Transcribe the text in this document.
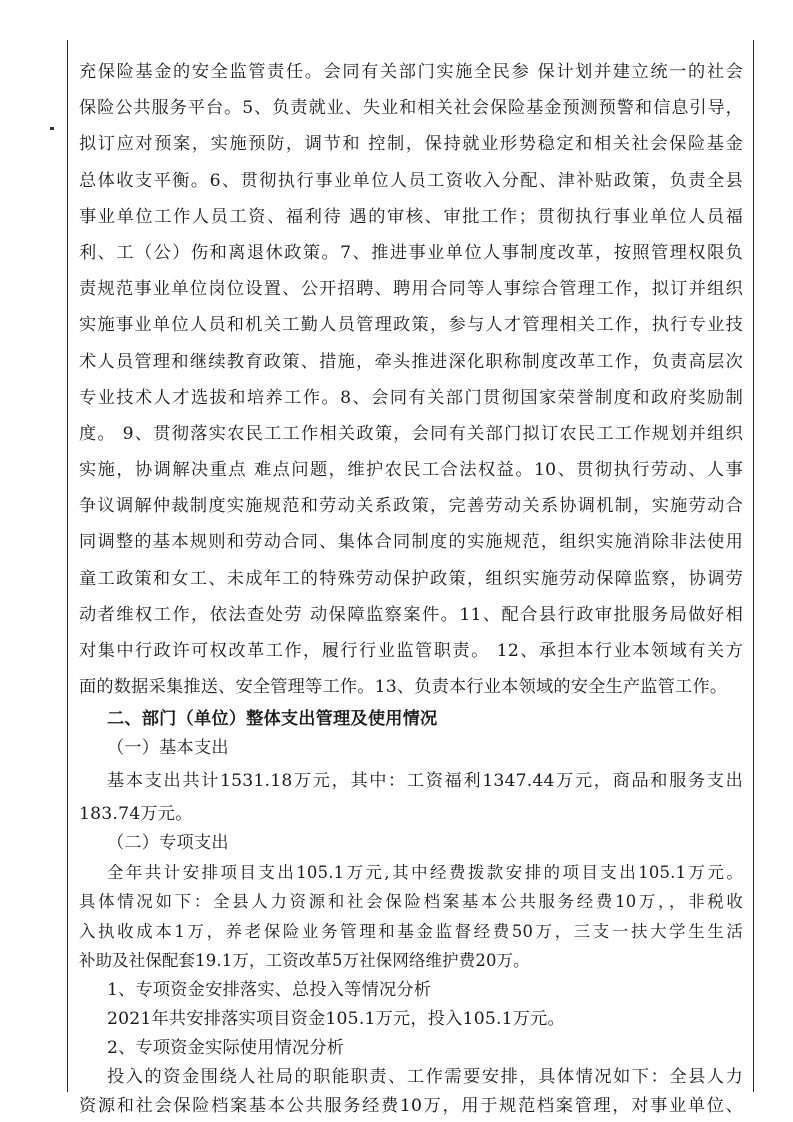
充保险基金的安全监管责任。会同有关部门实施全民参 保计划并建立统一的社会
保险公共服务平台。5、负责就业、失业和相关社会保险基金预测预警和信息引导，
拟订应对预案，实施预防，调节和 控制，保持就业形势稳定和相关社会保险基金
总体收支平衡。6、贯彻执行事业单位人员工资收入分配、津补贴政策，负责全县
事业单位工作人员工资、福利待 遇的审核、审批工作；贯彻执行事业单位人员福
利、工（公）伤和离退休政策。7、推进事业单位人事制度改革，按照管理权限负
责规范事业单位岗位设置、公开招聘、聘用合同等人事综合管理工作，拟订并组织
实施事业单位人员和机关工勤人员管理政策，参与人才管理相关工作，执行专业技
术人员管理和继续教育政策、措施，牵头推进深化职称制度改革工作，负责高层次
专业技术人才选拔和培养工作。8、会同有关部门贯彻国家荣誉制度和政府奖励制
度。 9、贯彻落实农民工工作相关政策，会同有关部门拟订农民工工作规划并组织
实施，协调解决重点 难点问题，维护农民工合法权益。10、贯彻执行劳动、人事
争议调解仲裁制度实施规范和劳动关系政策，完善劳动关系协调机制，实施劳动合
同调整的基本规则和劳动合同、集体合同制度的实施规范，组织实施消除非法使用
童工政策和女工、未成年工的特殊劳动保护政策，组织实施劳动保障监察，协调劳
动者维权工作，依法查处劳 动保障监察案件。11、配合县行政审批服务局做好相
对集中行政许可权改革工作，履行行业监管职责。 12、承担本行业本领域有关方
面的数据采集推送、安全管理等工作。13、负责本行业本领域的安全生产监管工作。
二、部门（单位）整体支出管理及使用情况
（一）基本支出
基本支出共计1531.18万元，其中：工资福利1347.44万元，商品和服务支出
183.74万元。
（二）专项支出
全年共计安排项目支出105.1万元,其中经费拨款安排的项目支出105.1万元。
具体情况如下：全县人力资源和社会保险档案基本公共服务经费10万，，非税收
入执收成本1万，养老保险业务管理和基金监督经费50万，三支一扶大学生生活
补助及社保配套19.1万，工资改革5万社保网络维护费20万。
1、专项资金安排落实、总投入等情况分析
2021年共安排落实项目资金105.1万元，投入105.1万元。
2、专项资金实际使用情况分析
投入的资金围绕人社局的职能职责、工作需要安排，具体情况如下：全县人力
资源和社会保险档案基本公共服务经费10万，用于规范档案管理，对事业单位、
